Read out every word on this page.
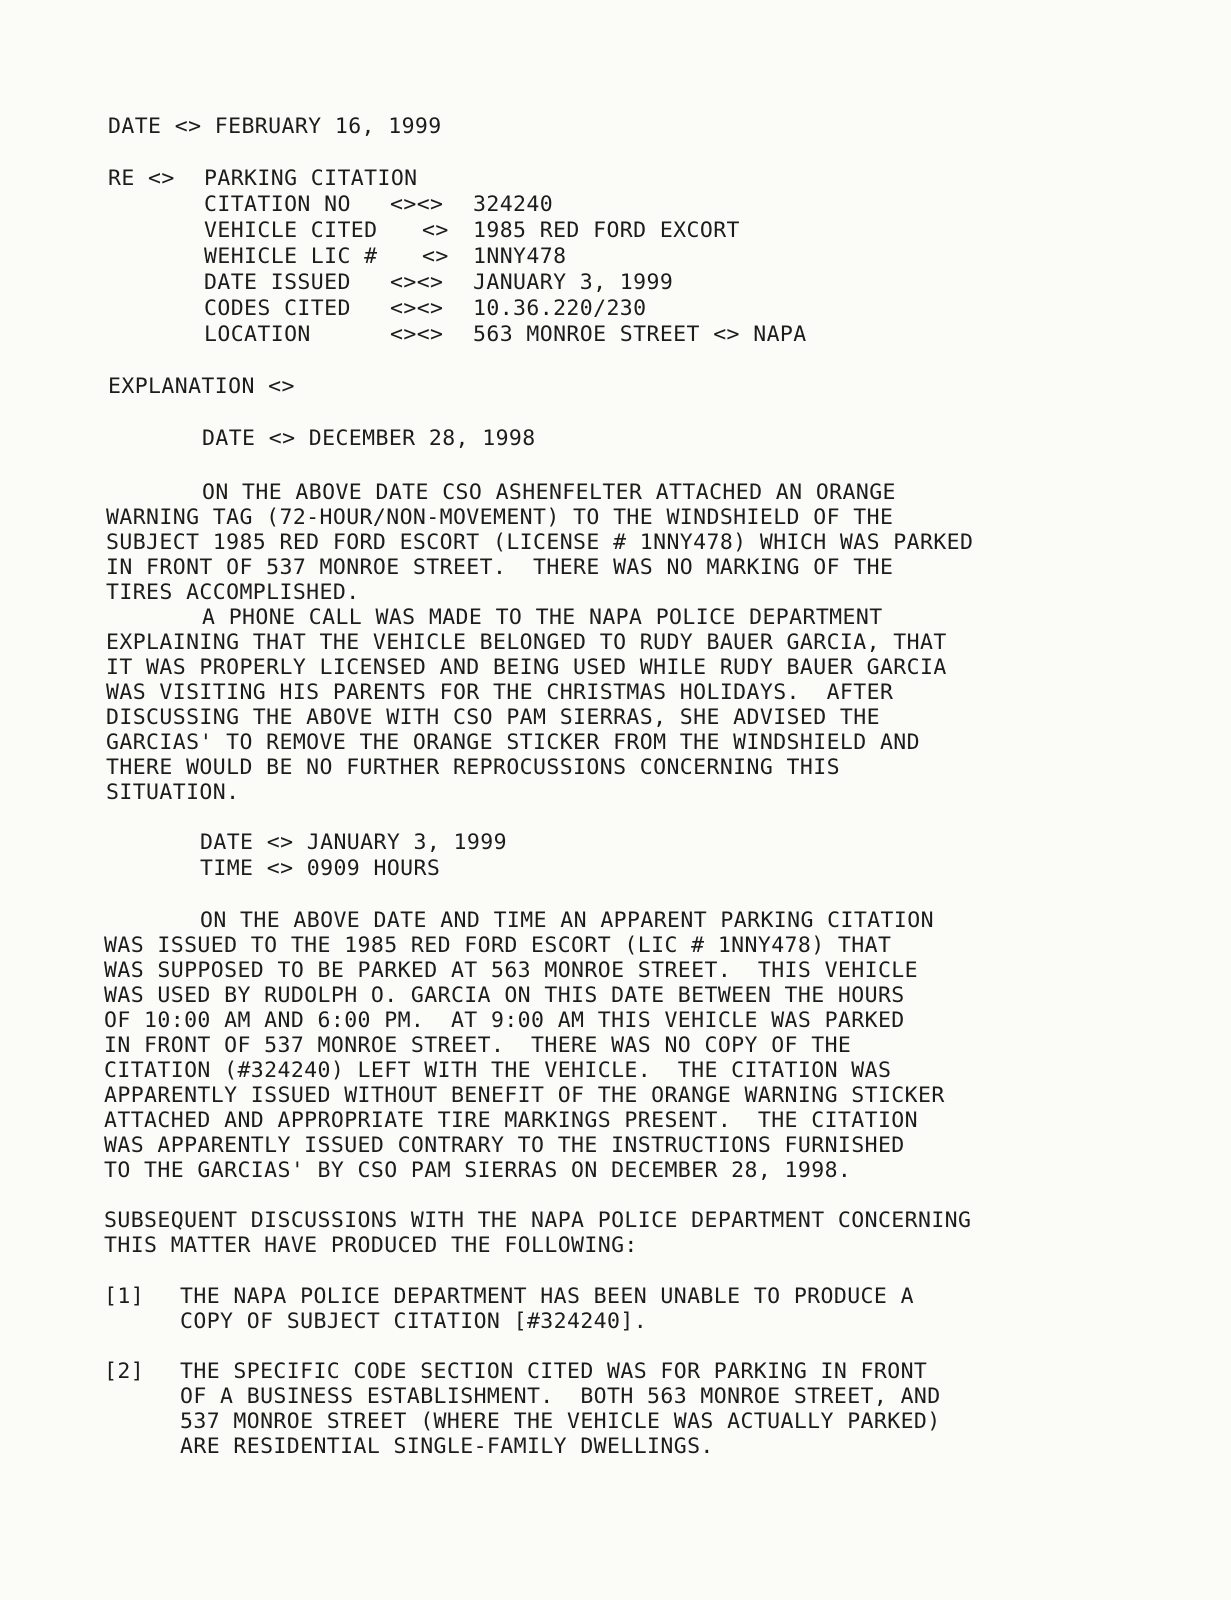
DATE <> FEBRUARY 16, 1999
RE <> PARKING CITATION
CITATION NO <><> 324240
VEHICLE CITED <> 1985 RED FORD EXCORT
WEHICLE LIC # <> 1NNY478
DATE ISSUED <><> JANUARY 3, 1999
CODES CITED <><> 10.36.220/230
LOCATION	<><> 563 MONROE STREET <> NAPA
EXPLANATION <>
DATE <> DECEMBER 28, 1998
ON THE ABOVE DATE CSO ASHENFELTER ATTACHED AN ORANGE
WARNING TAG (72-HOUR/NON-MOVEMENT) TO THE WINDSHIELD OF THE
SUBJECT 1985 RED FORD ESCORT (LICENSE # 1NNY478) WHICH WAS PARKED
IN FRONT OF 537 MONROE STREET.  THERE WAS NO MARKING OF THE
TIRES ACCOMPLISHED.
A PHONE CALL WAS MADE TO THE NAPA POLICE DEPARTMENT
EXPLAINING THAT THE VEHICLE BELONGED TO RUDY BAUER GARCIA, THAT
IT WAS PROPERLY LICENSED AND BEING USED WHILE RUDY BAUER GARCIA
WAS VISITING HIS PARENTS FOR THE CHRISTMAS HOLIDAYS.  AFTER
DISCUSSING THE ABOVE WITH CSO PAM SIERRAS, SHE ADVISED THE
GARCIAS' TO REMOVE THE ORANGE STICKER FROM THE WINDSHIELD AND
THERE WOULD BE NO FURTHER REPROCUSSIONS CONCERNING THIS
SITUATION.
DATE <> JANUARY 3, 1999
TIME <> 0909 HOURS
ON THE ABOVE DATE AND TIME AN APPARENT PARKING CITATION
WAS ISSUED TO THE 1985 RED FORD ESCORT (LIC # 1NNY478) THAT
WAS SUPPOSED TO BE PARKED AT 563 MONROE STREET.  THIS VEHICLE
WAS USED BY RUDOLPH O. GARCIA ON THIS DATE BETWEEN THE HOURS
OF 10:00 AM AND 6:00 PM.  AT 9:00 AM THIS VEHICLE WAS PARKED
IN FRONT OF 537 MONROE STREET.  THERE WAS NO COPY OF THE
CITATION (#324240) LEFT WITH THE VEHICLE.  THE CITATION WAS
APPARENTLY ISSUED WITHOUT BENEFIT OF THE ORANGE WARNING STICKER
ATTACHED AND APPROPRIATE TIRE MARKINGS PRESENT.  THE CITATION
WAS APPARENTLY ISSUED CONTRARY TO THE INSTRUCTIONS FURNISHED
TO THE GARCIAS' BY CSO PAM SIERRAS ON DECEMBER 28, 1998.
SUBSEQUENT DISCUSSIONS WITH THE NAPA POLICE DEPARTMENT CONCERNING
THIS MATTER HAVE PRODUCED THE FOLLOWING:
[1] THE NAPA POLICE DEPARTMENT HAS BEEN UNABLE TO PRODUCE A
COPY OF SUBJECT CITATION [#324240].
[2] THE SPECIFIC CODE SECTION CITED WAS FOR PARKING IN FRONT
OF A BUSINESS ESTABLISHMENT.  BOTH 563 MONROE STREET, AND
537 MONROE STREET (WHERE THE VEHICLE WAS ACTUALLY PARKED)
ARE RESIDENTIAL SINGLE-FAMILY DWELLINGS.
